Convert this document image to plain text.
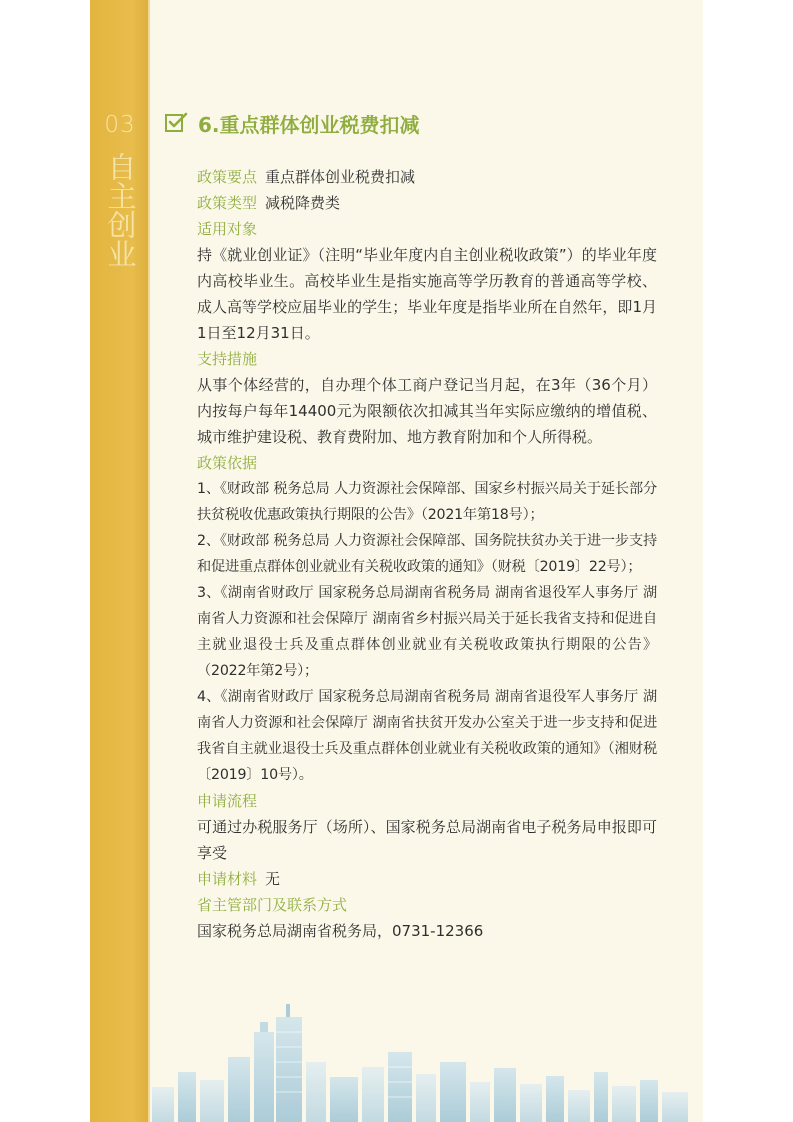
03
自主创业
6.重点群体创业税费扣减
政策要点 重点群体创业税费扣减
政策类型 减税降费类
适用对象
持《就业创业证》（注明“毕业年度内自主创业税收政策”）的毕业年度内高校毕业生。高校毕业生是指实施高等学历教育的普通高等学校、成人高等学校应届毕业的学生；毕业年度是指毕业所在自然年，即1月1日至12月31日。
支持措施
从事个体经营的，自办理个体工商户登记当月起，在3年（36个月）内按每户每年14400元为限额依次扣减其当年实际应缴纳的增值税、城市维护建设税、教育费附加、地方教育附加和个人所得税。
政策依据
1、《财政部 税务总局 人力资源社会保障部、国家乡村振兴局关于延长部分扶贫税收优惠政策执行期限的公告》（2021年第18号）；
2、《财政部 税务总局 人力资源社会保障部、国务院扶贫办关于进一步支持和促进重点群体创业就业有关税收政策的通知》（财税〔2019〕22号）；
3、《湖南省财政厅 国家税务总局湖南省税务局 湖南省退役军人事务厅 湖南省人力资源和社会保障厅 湖南省乡村振兴局关于延长我省支持和促进自主就业退役士兵及重点群体创业就业有关税收政策执行期限的公告》（2022年第2号）；
4、《湖南省财政厅 国家税务总局湖南省税务局 湖南省退役军人事务厅 湖南省人力资源和社会保障厅 湖南省扶贫开发办公室关于进一步支持和促进我省自主就业退役士兵及重点群体创业就业有关税收政策的通知》（湘财税〔2019〕10号）。
申请流程
可通过办税服务厅（场所）、国家税务总局湖南省电子税务局申报即可享受
申请材料 无
省主管部门及联系方式
国家税务总局湖南省税务局，0731-12366
